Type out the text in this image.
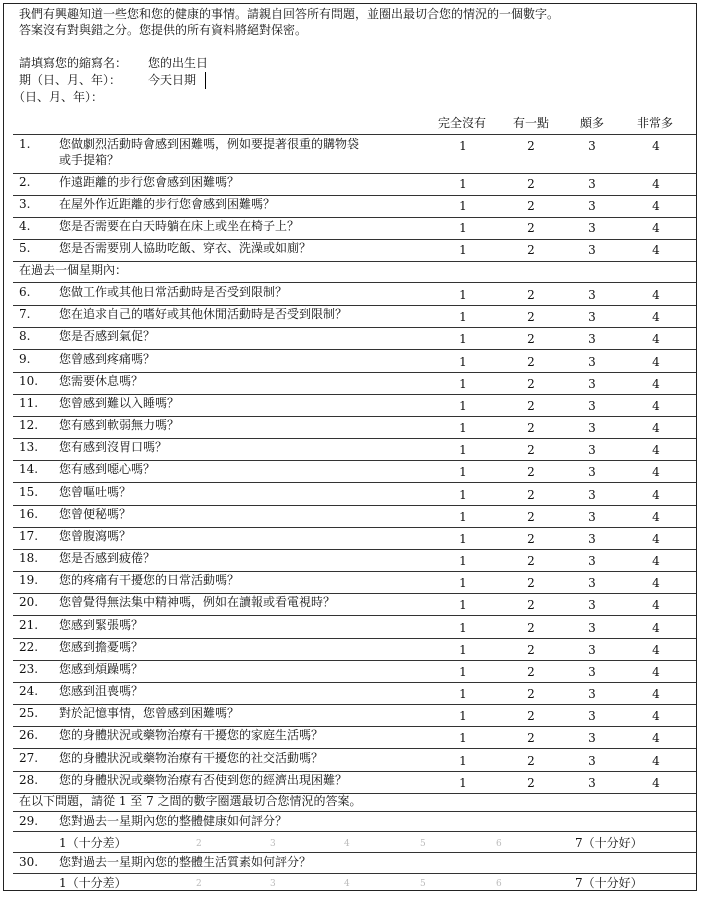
我們有興趣知道一些您和您的健康的事情。請親自回答所有問題，並圈出最切合您的情況的一個數字。
答案沒有對與錯之分。您提供的所有資料將絕對保密。
請填寫您的縮寫名： 您的出生日
期（日、月、年）： 今天日期
（日、月、年）：
完全沒有	有一點	頗多	非常多
1. 您做劇烈活動時會感到困難嗎，例如要提著很重的購物袋
或手提箱？
1	2	3	4
2. 作遠距離的步行您會感到困難嗎？	1	2	3	4
3. 在屋外作近距離的步行您會感到困難嗎？	1	2	3	4
4. 您是否需要在白天時躺在床上或坐在椅子上？	1	2	3	4
5. 您是否需要別人協助吃飯、穿衣、洗澡或如廁？	1	2	3	4
在過去一個星期內：
6. 您做工作或其他日常活動時是否受到限制？	1	2	3	4
7. 您在追求自己的嗜好或其他休閒活動時是否受到限制？	1	2	3	4
8. 您是否感到氣促？	1	2	3	4
9. 您曾感到疼痛嗎？	1	2	3	4
10. 您需要休息嗎？	1	2	3	4
11. 您曾感到難以入睡嗎？	1	2	3	4
12. 您有感到軟弱無力嗎？	1	2	3	4
13. 您有感到沒胃口嗎？	1	2	3	4
14. 您有感到噁心嗎？	1	2	3	4
15. 您曾嘔吐嗎？	1	2	3	4
16. 您曾便秘嗎？	1	2	3	4
17. 您曾腹瀉嗎？	1	2	3	4
18. 您是否感到疲倦？	1	2	3	4
19. 您的疼痛有干擾您的日常活動嗎？	1	2	3	4
20. 您曾覺得無法集中精神嗎，例如在讀報或看電視時？	1	2	3	4
21. 您感到緊張嗎？	1	2	3	4
22. 您感到擔憂嗎？	1	2	3	4
23. 您感到煩躁嗎？	1	2	3	4
24. 您感到沮喪嗎？	1	2	3	4
25. 對於記憶事情，您曾感到困難嗎？	1	2	3	4
26. 您的身體狀況或藥物治療有干擾您的家庭生活嗎？	1	2	3	4
27. 您的身體狀況或藥物治療有干擾您的社交活動嗎？	1	2	3	4
28. 您的身體狀況或藥物治療有否使到您的經濟出現困難？	1	2	3	4
在以下問題，請從 1 至 7 之間的數字圈選最切合您情況的答案。
29. 您對過去一星期內您的整體健康如何評分？
1（十分差）	2	3	4	5	6	7（十分好）
30. 您對過去一星期內您的整體生活質素如何評分？
1（十分差）	2	3	4	5	6	7（十分好）
